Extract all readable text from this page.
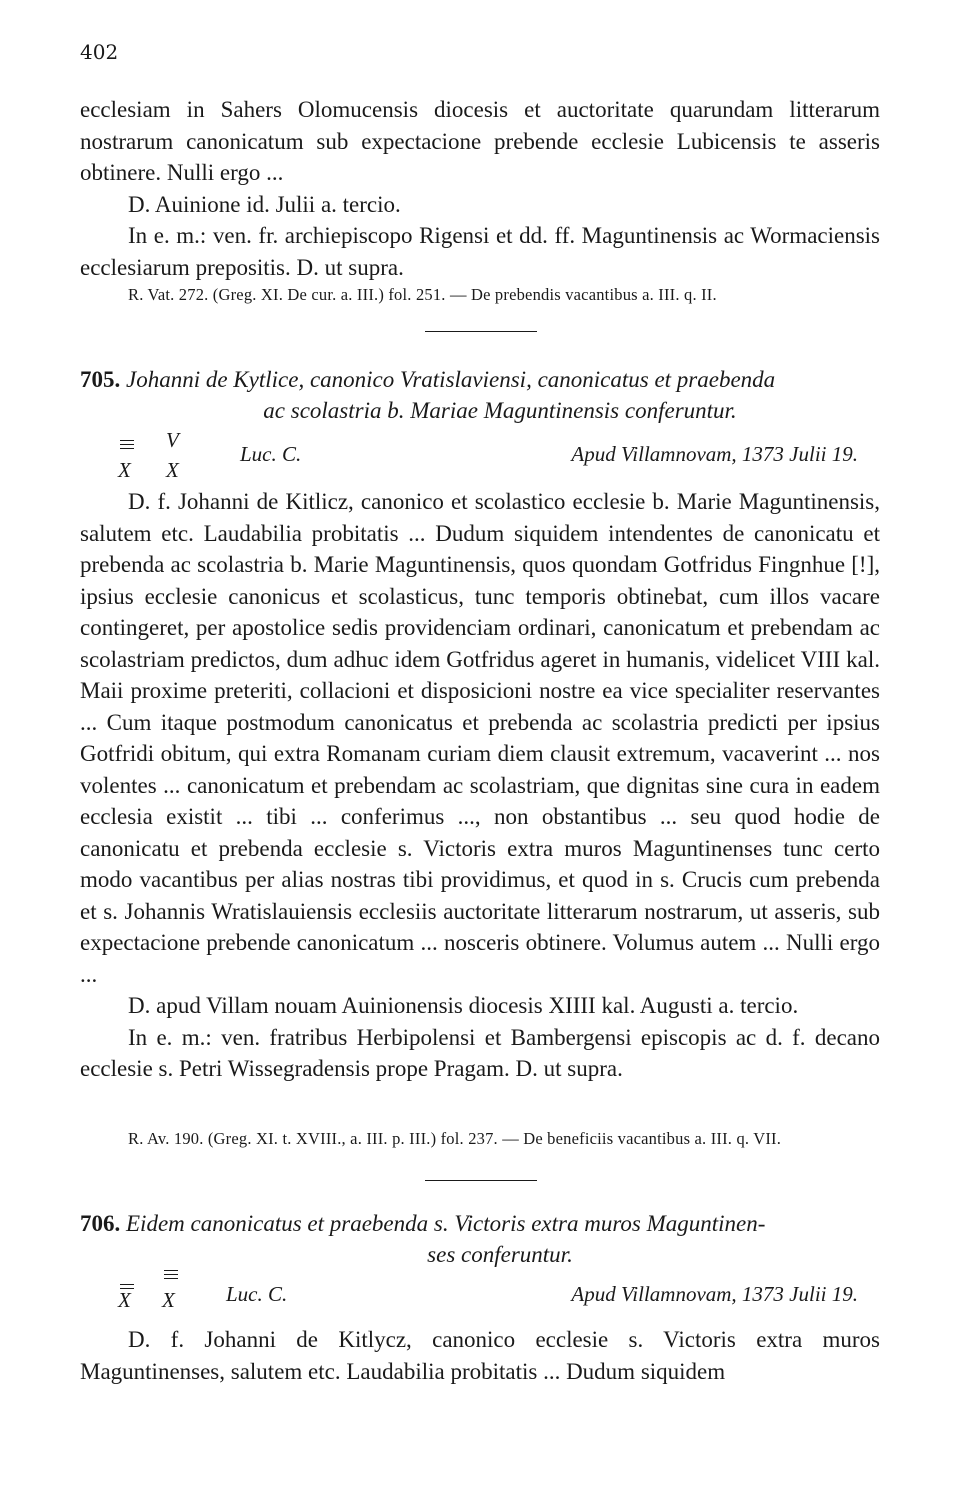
402

ecclesiam in Sahers Olomucensis diocesis et auctoritate quarundam litterarum nostrarum canonicatum sub expectacione prebende ecclesie Lubicensis te asseris obtinere. Nulli ergo ...

D. Auinione id. Julii a. tercio.

In e. m.: ven. fr. archiepiscopo Rigensi et dd. ff. Maguntinensis ac Wormaciensis ecclesiarum prepositis. D. ut supra.

R. Vat. 272. (Greg. XI. De cur. a. III.) fol. 251. — De prebendis vacantibus a. III. q. II.

705. Johanni de Kytlice, canonico Vratislaviensi, canonicatus et praebenda
ac scolastria b. Mariae Maguntinensis conferuntur.

V
X X
Luc. C.	Apud Villamnovam, 1373 Julii 19.

D. f. Johanni de Kitlicz, canonico et scolastico ecclesie b. Marie Maguntinensis, salutem etc. Laudabilia probitatis ... Dudum siquidem intendentes de canonicatu et prebenda ac scolastria b. Marie Maguntinensis, quos quondam Gotfridus Fingnhue [!], ipsius ecclesie canonicus et scolasticus, tunc temporis obtinebat, cum illos vacare contingeret, per apostolice sedis providenciam ordinari, canonicatum et prebendam ac scolastriam predictos, dum adhuc idem Gotfridus ageret in humanis, videlicet VIII kal. Maii proxime preteriti, collacioni et disposicioni nostre ea vice specialiter reservantes ... Cum itaque postmodum canonicatus et prebenda ac scolastria predicti per ipsius Gotfridi obitum, qui extra Romanam curiam diem clausit extremum, vacaverint ... nos volentes ... canonicatum et prebendam ac scolastriam, que dignitas sine cura in eadem ecclesia existit ... tibi ... conferimus ..., non obstantibus ... seu quod hodie de canonicatu et prebenda ecclesie s. Victoris extra muros Maguntinenses tunc certo modo vacantibus per alias nostras tibi providimus, et quod in s. Crucis cum prebenda et s. Johannis Wratislauiensis ecclesiis auctoritate litterarum nostrarum, ut asseris, sub expectacione prebende canonicatum ... nosceris obtinere. Volumus autem ... Nulli ergo ...

D. apud Villam nouam Auinionensis diocesis XIIII kal. Augusti a. tercio.

In e. m.: ven. fratribus Herbipolensi et Bambergensi episcopis ac d. f. decano ecclesie s. Petri Wissegradensis prope Pragam. D. ut supra.

R. Av. 190. (Greg. XI. t. XVIII., a. III. p. III.) fol. 237. — De beneficiis vacantibus a. III. q. VII.

706. Eidem canonicatus et praebenda s. Victoris extra muros Maguntinen-
ses conferuntur.

X X Luc. C.	Apud Villamnovam, 1373 Julii 19.

D. f. Johanni de Kitlycz, canonico ecclesie s. Victoris extra muros Maguntinenses, salutem etc. Laudabilia probitatis ... Dudum siquidem
